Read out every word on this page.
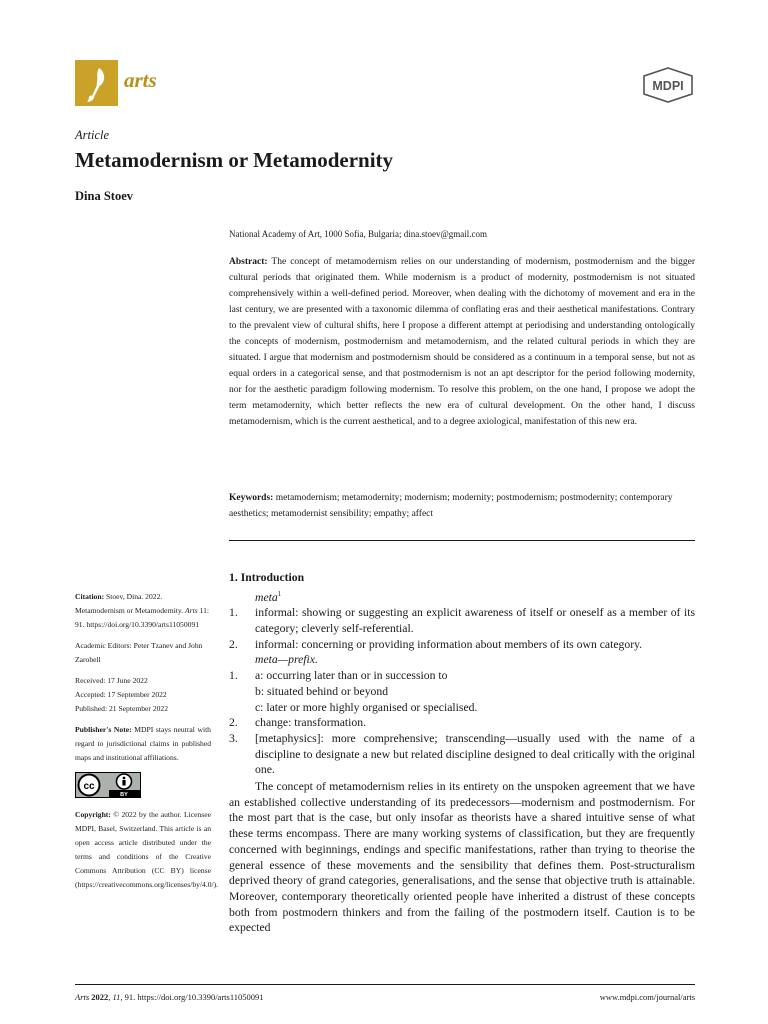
arts	MDPI
Article
Metamodernism or Metamodernity
Dina Stoev
National Academy of Art, 1000 Sofia, Bulgaria; dina.stoev@gmail.com
Abstract: The concept of metamodernism relies on our understanding of modernism, postmodernism and the bigger cultural periods that originated them. While modernism is a product of modernity, postmodernism is not situated comprehensively within a well-defined period. Moreover, when dealing with the dichotomy of movement and era in the last century, we are presented with a taxonomic dilemma of conflating eras and their aesthetical manifestations. Contrary to the prevalent view of cultural shifts, here I propose a different attempt at periodising and understanding ontologically the concepts of modernism, postmodernism and metamodernism, and the related cultural periods in which they are situated. I argue that modernism and postmodernism should be considered as a continuum in a temporal sense, but not as equal orders in a categorical sense, and that postmodernism is not an apt descriptor for the period following modernity, nor for the aesthetic paradigm following modernism. To resolve this problem, on the one hand, I propose we adopt the term metamodernity, which better reflects the new era of cultural development. On the other hand, I discuss metamodernism, which is the current aesthetical, and to a degree axiological, manifestation of this new era.
Keywords: metamodernism; metamodernity; modernism; modernity; postmodernism; postmodernity; contemporary aesthetics; metamodernist sensibility; empathy; affect
1. Introduction
meta$^1$
1.	informal: showing or suggesting an explicit awareness of itself or oneself as a member of its category; cleverly self-referential.
2.	informal: concerning or providing information about members of its own category.
meta—prefix.
1.	a: occurring later than or in succession to
b: situated behind or beyond
c: later or more highly organised or specialised.
2.	change: transformation.
3.	[metaphysics]: more comprehensive; transcending—usually used with the name of a discipline to designate a new but related discipline designed to deal critically with the original one.

The concept of metamodernism relies in its entirety on the unspoken agreement that we have an established collective understanding of its predecessors—modernism and postmodernism. For the most part that is the case, but only insofar as theorists have a shared intuitive sense of what these terms encompass. There are many working systems of classification, but they are frequently concerned with beginnings, endings and specific manifestations, rather than trying to theorise the general essence of these movements and the sensibility that defines them. Post-structuralism deprived theory of grand categories, generalisations, and the sense that objective truth is attainable. Moreover, contemporary theoretically oriented people have inherited a distrust of these concepts both from postmodern thinkers and from the failing of the postmodern itself. Caution is to be expected

Citation: Stoev, Dina. 2022. Metamodernism or Metamodernity. Arts 11: 91. https://doi.org/10.3390/arts11050091
Academic Editors: Peter Tzanev and John Zarobell
Received: 17 June 2022
Accepted: 17 September 2022
Published: 21 September 2022
Publisher's Note: MDPI stays neutral with regard to jurisdictional claims in published maps and institutional affiliations.
cc
BY
Copyright: © 2022 by the author. Licensee MDPI, Basel, Switzerland. This article is an open access article distributed under the terms and conditions of the Creative Commons Attribution (CC BY) license (https://creativecommons.org/licenses/by/4.0/).
Arts 2022, 11, 91. https://doi.org/10.3390/arts11050091	www.mdpi.com/journal/arts
